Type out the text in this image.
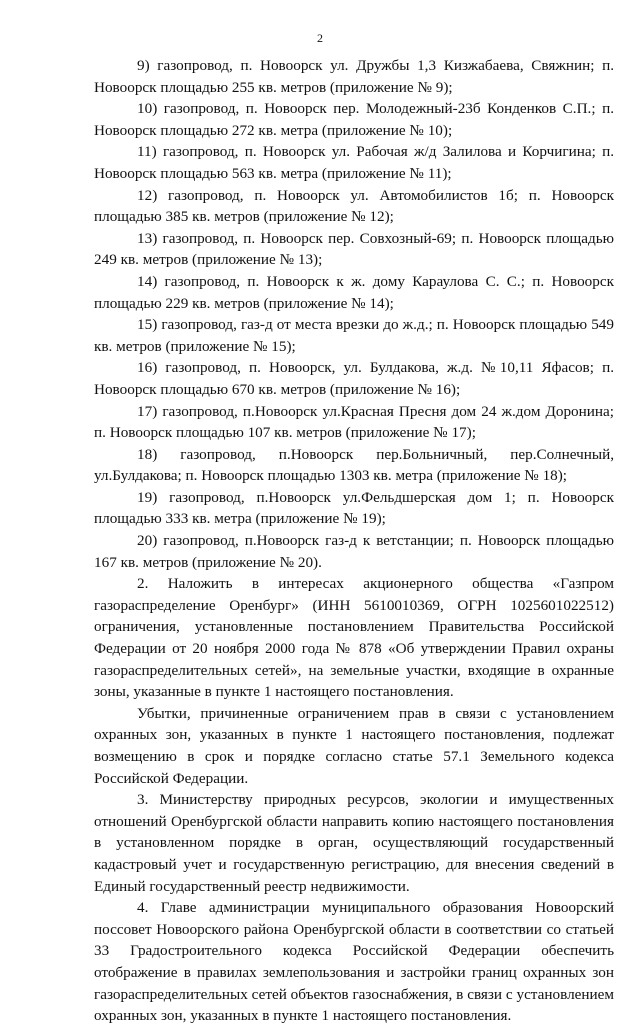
2

9) газопровод, п. Новоорск ул. Дружбы 1,3 Кизжабаева, Свяжнин; п. Новоорск площадью 255 кв. метров (приложение № 9);

10) газопровод, п. Новоорск пер. Молодежный-23б Конденков С.П.; п. Новоорск площадью 272 кв. метра (приложение № 10);

11) газопровод, п. Новоорск ул. Рабочая ж/д Залилова и Корчигина; п. Новоорск площадью 563 кв. метра (приложение № 11);

12) газопровод, п. Новоорск ул. Автомобилистов 1б; п. Новоорск площадью 385 кв. метров (приложение № 12);

13) газопровод, п. Новоорск пер. Совхозный-69; п. Новоорск площадью 249 кв. метров (приложение № 13);

14) газопровод, п. Новоорск к ж. дому Караулова С. С.; п. Новоорск площадью 229 кв. метров (приложение № 14);

15) газопровод, газ-д от места врезки до ж.д.; п. Новоорск площадью 549 кв. метров (приложение № 15);

16) газопровод, п. Новоорск, ул. Булдакова, ж.д. №10,11 Яфасов; п. Новоорск площадью 670 кв. метров (приложение № 16);

17) газопровод, п.Новоорск ул.Красная Пресня дом 24 ж.дом Доронина; п. Новоорск площадью 107 кв. метров (приложение № 17);

18) газопровод, п.Новоорск пер.Больничный, пер.Солнечный, ул.Булдакова; п. Новоорск площадью 1303 кв. метра (приложение № 18);

19) газопровод, п.Новоорск ул.Фельдшерская дом 1; п. Новоорск площадью 333 кв. метра (приложение № 19);

20) газопровод, п.Новоорск газ-д к ветстанции; п. Новоорск площадью 167 кв. метров (приложение № 20).

2. Наложить в интересах акционерного общества «Газпром газораспределение Оренбург» (ИНН 5610010369, ОГРН 1025601022512) ограничения, установленные постановлением Правительства Российской Федерации от 20 ноября 2000 года № 878 «Об утверждении Правил охраны газораспределительных сетей», на земельные участки, входящие в охранные зоны, указанные в пункте 1 настоящего постановления.

Убытки, причиненные ограничением прав в связи с установлением охранных зон, указанных в пункте 1 настоящего постановления, подлежат возмещению в срок и порядке согласно статье 57.1 Земельного кодекса Российской Федерации.

3. Министерству природных ресурсов, экологии и имущественных отношений Оренбургской области направить копию настоящего постановления в установленном порядке в орган, осуществляющий государственный кадастровый учет и государственную регистрацию, для внесения сведений в Единый государственный реестр недвижимости.

4. Главе администрации муниципального образования Новоорский поссовет Новоорского района Оренбургской области в соответствии со статьей 33 Градостроительного кодекса Российской Федерации обеспечить отображение в правилах землепользования и застройки границ охранных зон газораспределительных сетей объектов газоснабжения, в связи с установлением охранных зон, указанных в пункте 1 настоящего постановления.
